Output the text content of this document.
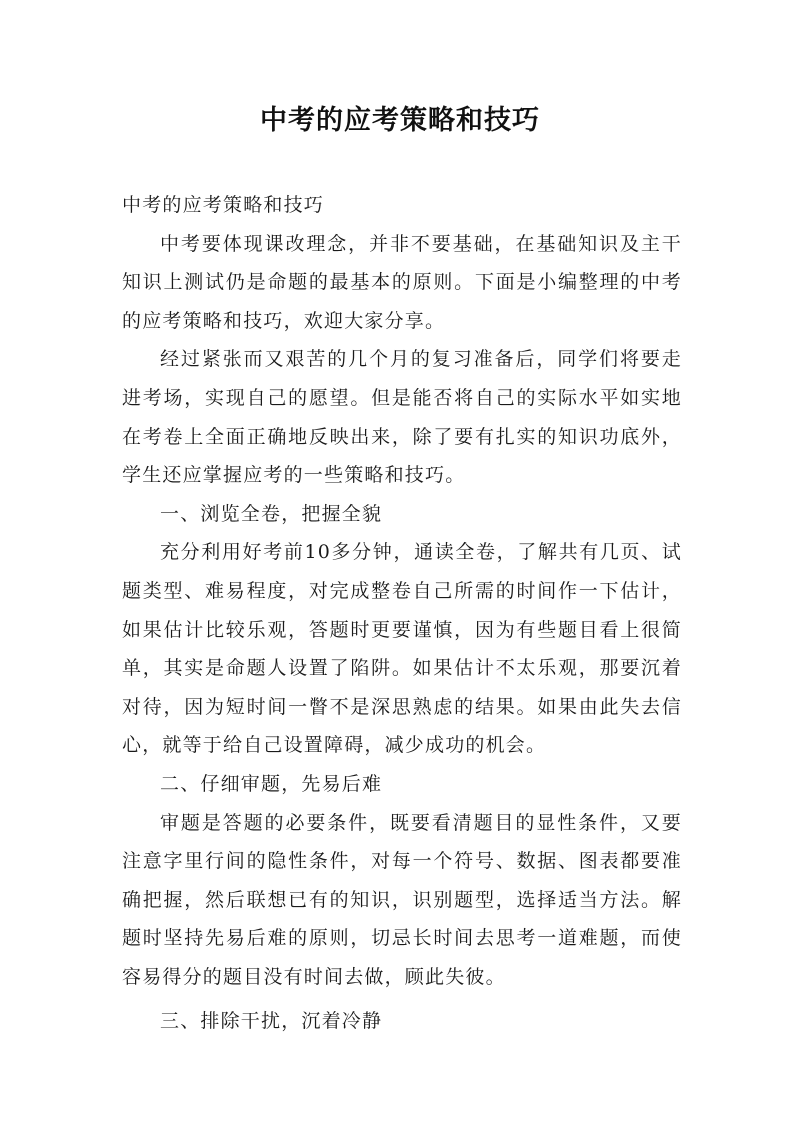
中考的应考策略和技巧

中考的应考策略和技巧

中考要体现课改理念，并非不要基础，在基础知识及主干知识上测试仍是命题的最基本的原则。下面是小编整理的中考的应考策略和技巧，欢迎大家分享。

经过紧张而又艰苦的几个月的复习准备后，同学们将要走进考场，实现自己的愿望。但是能否将自己的实际水平如实地在考卷上全面正确地反映出来，除了要有扎实的知识功底外，学生还应掌握应考的一些策略和技巧。

一、浏览全卷，把握全貌

充分利用好考前10多分钟，通读全卷，了解共有几页、试题类型、难易程度，对完成整卷自己所需的时间作一下估计，如果估计比较乐观，答题时更要谨慎，因为有些题目看上很简单，其实是命题人设置了陷阱。如果估计不太乐观，那要沉着对待，因为短时间一瞥不是深思熟虑的结果。如果由此失去信心，就等于给自己设置障碍，减少成功的机会。

二、仔细审题，先易后难

审题是答题的必要条件，既要看清题目的显性条件，又要注意字里行间的隐性条件，对每一个符号、数据、图表都要准确把握，然后联想已有的知识，识别题型，选择适当方法。解题时坚持先易后难的原则，切忌长时间去思考一道难题，而使容易得分的题目没有时间去做，顾此失彼。

三、排除干扰，沉着冷静
